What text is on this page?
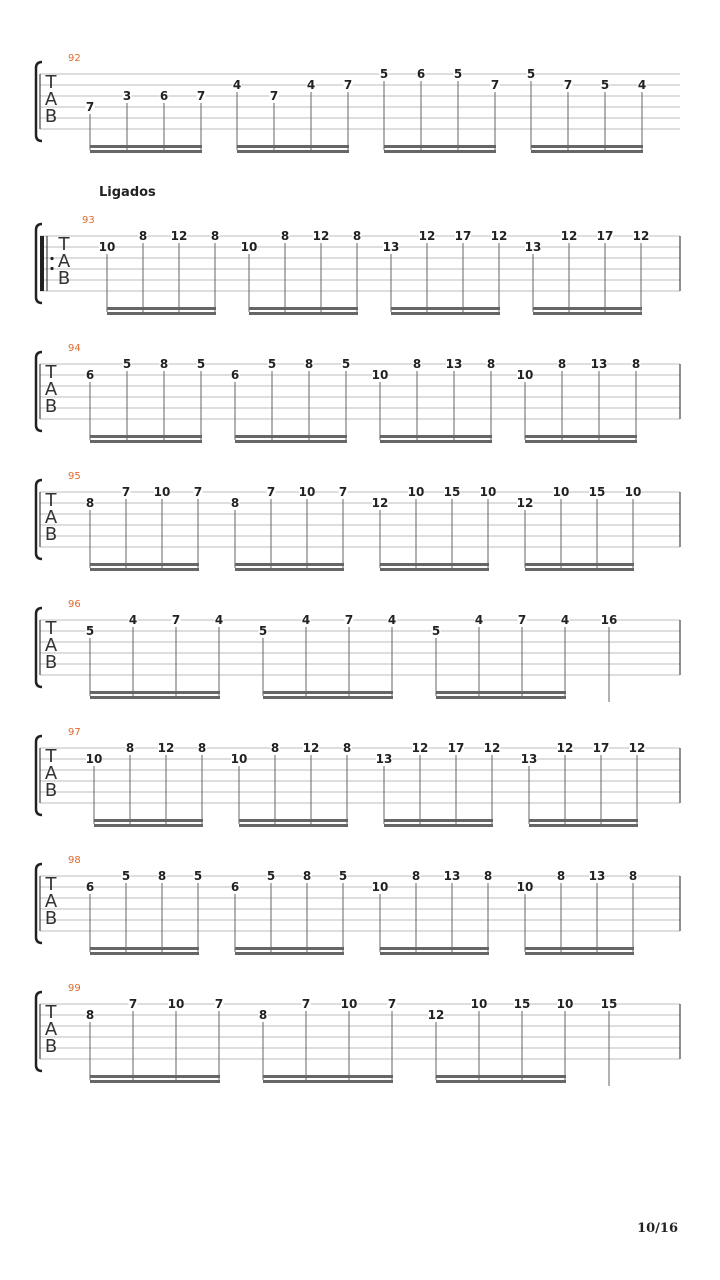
Ligados
T
A
B
92
7
3 6 7
4
7
4 7
5 6 5
7
5
7 5 4
T
A
B
93
10
8 12 8
10
8 12 8
13
12 17 12
13
12 17 12
T
A
B
94
6
5 8 5
6
5 8 5
10
8 13 8
10
8 13 8
T
A
B
95
8
7 10 7
8
7 10 7
12
10 15 10
12
10 15 10
T
A
B
96
5
4	7	4
5
4	7	4
5
4	7	4	16
T
A
B
97
10
8 12 8
10
8 12 8
13
12 17 12
13
12 17 12
T
A
B
98
6
5 8 5
6
5 8 5
10
8 13 8
10
8 13 8
T
A
B
99
8
7	10	7
8
7	10	7
12
10 15 10 15
10/16
